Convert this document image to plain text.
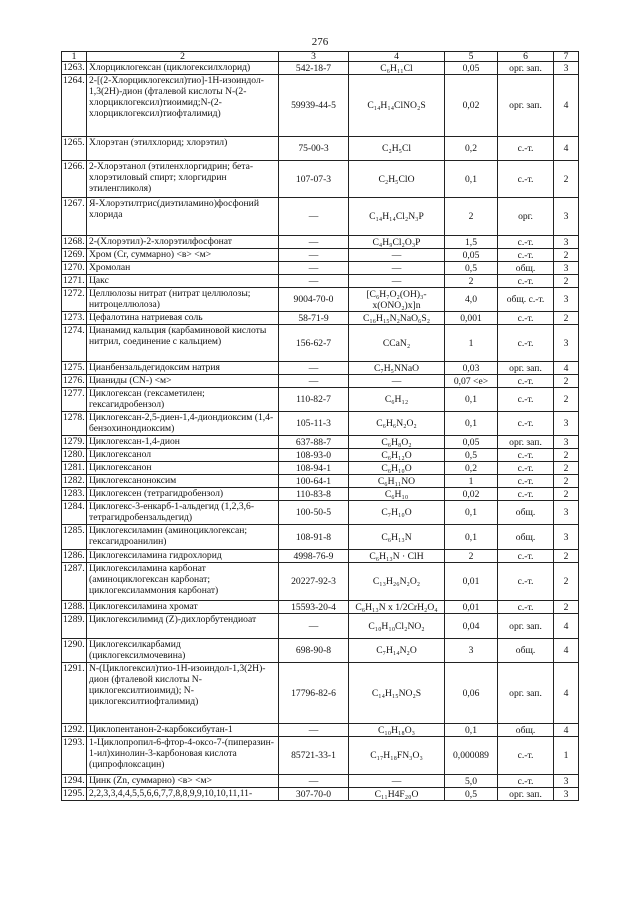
276
1	2	3	4	5	6	7
1263.	Хлорциклогексан (циклогексилхлорид)	542-18-7	C₆H₁₁Cl	0,05	орг. зап.	3
1264.	2-[(2-Хлорциклогексил)тио]-1Н-изоиндол- 1,3(2Н)-дион (фталевой кислоты N-(2-хлорциклогексил)тиоимид;N-(2-хлорциклогексил)тиофталимид)	59939-44-5	C₁₄H₁₄ClNO₂S	0,02	орг. зап.	4
1265.	Хлорэтан (этилхлорид; хлорэтил)	75-00-3	C₂H₅Cl	0,2	с.-т.	4
1266.	2-Хлорэтанол (этиленхлоргидрин; бета-хлорэтиловый спирт; хлоргидрин этиленгликоля)	107-07-3	C₂H₅ClO	0,1	с.-т.	2
1267.	Я-Хлорэтилтрис(диэтиламино)фосфоний хлорида	—	C₁₄H₁₄Cl₂N₃P	2	орг.	3
1268.	2-(Хлорэтил)-2-хлорэтилфосфонат	—	C₄H₉Cl₂O₃P	1,5	с.-т.	3
1269.	Хром (Cr, суммарно) <в> <м>	—	—	0,05	с.-т.	2
1270.	Хромолан	—	—	0,5	общ.	3
1271.	Цакс	—	—	2	с.-т.	2
1272.	Целлюлозы нитрат (нитрат целлюлозы; нитроцеллюлоза)	9004-70-0	[C₆H₇O₂(OH)₃-x(ONO₂)x]n	4,0	общ. с.-т.	3
1273.	Цефалотина натриевая соль	58-71-9	C₁₆H₁₅N₂NaO₆S₂	0,001	с.-т.	2
1274.	Цианамид кальция (карбаминовой кислоты нитрил, соединение с кальцием)	156-62-7	CCaN₂	1	с.-т.	3
1275.	Цианбензальдегидоксим натрия	—	C₇H₅NNaO	0,03	орг. зап.	4
1276.	Цианиды (CN-) <м>	—	—	0,07 <е>	с.-т.	2
1277.	Циклогексан (гексаметилен; гексагидробензол)	110-82-7	C₆H₁₂	0,1	с.-т.	2
1278.	Циклогексан-2,5-диен-1,4-диондиоксим (1,4-бензохинондиоксим)	105-11-3	C₆H₆N₂O₂	0,1	с.-т.	3
1279.	Циклогексан-1,4-дион	637-88-7	C₆H₈O₂	0,05	орг. зап.	3
1280.	Циклогексанол	108-93-0	C₆H₁₂O	0,5	с.-т.	2
1281.	Циклогексанон	108-94-1	C₆H₁₀O	0,2	с.-т.	2
1282.	Циклогексаноноксим	100-64-1	C₆H₁₁NO	1	с.-т.	2
1283.	Циклогексен (тетрагидробензол)	110-83-8	C₆H₁₀	0,02	с.-т.	2
1284.	Циклогекс-3-енкарб-1-альдегид (1,2,3,6-тетрагидробензальдегид)	100-50-5	C₇H₁₀O	0,1	общ.	3
1285.	Циклогексиламин (аминоциклогексан; гексагидроанилин)	108-91-8	C₆H₁₃N	0,1	общ.	3
1286.	Циклогексиламина гидрохлорид	4998-76-9	C₆H₁₃N · ClH	2	с.-т.	2
1287.	Циклогексиламина карбонат (аминоциклогексан карбонат; циклогексиламмония карбонат)	20227-92-3	C₁₃H₂₆N₂O₂	0,01	с.-т.	2
1288.	Циклогексиламина хромат	15593-20-4	C₆H₁₃N x 1/2CrH₂O₄	0,01	с.-т.	2
1289.	Циклогексилимид (Z)-дихлорбутендиоат	—	C₁₀H₁₀Cl₂NO₂	0,04	орг. зап.	4
1290.	Циклогексилкарбамид (циклогексилмочевина)	698-90-8	C₇H₁₄N₂O	3	общ.	4
1291.	N-(Циклогексил)тио-1Н-изоиндол-1,3(2Н)- дион (фталевой кислоты N-циклогексилтиоимид); N-циклогексилтиофталимид)	17796-82-6	C₁₄H₁₅NO₂S	0,06	орг. зап.	4
1292.	Циклопентанон-2-карбоксибутан-1	—	C₁₀H₁₈O₃	0,1	общ.	4
1293.	1-Циклопропил-6-фтор-4-оксо-7-(пиперазин- 1-ил)хинолин-3-карбоновая кислота (ципрофлоксацин)	85721-33-1	C₁₇H₁₈FN₃O₃	0,000089	с.-т.	1
1294.	Цинк (Zn, суммарно) <в> <м>	—	—	5,0	с.-т.	3
1295.	2,2,3,3,4,4,5,5,6,6,7,7,8,8,9,9,10,10,11,11-	307-70-0	C₁₁H4F₂₀O	0,5	орг. зап.	3
